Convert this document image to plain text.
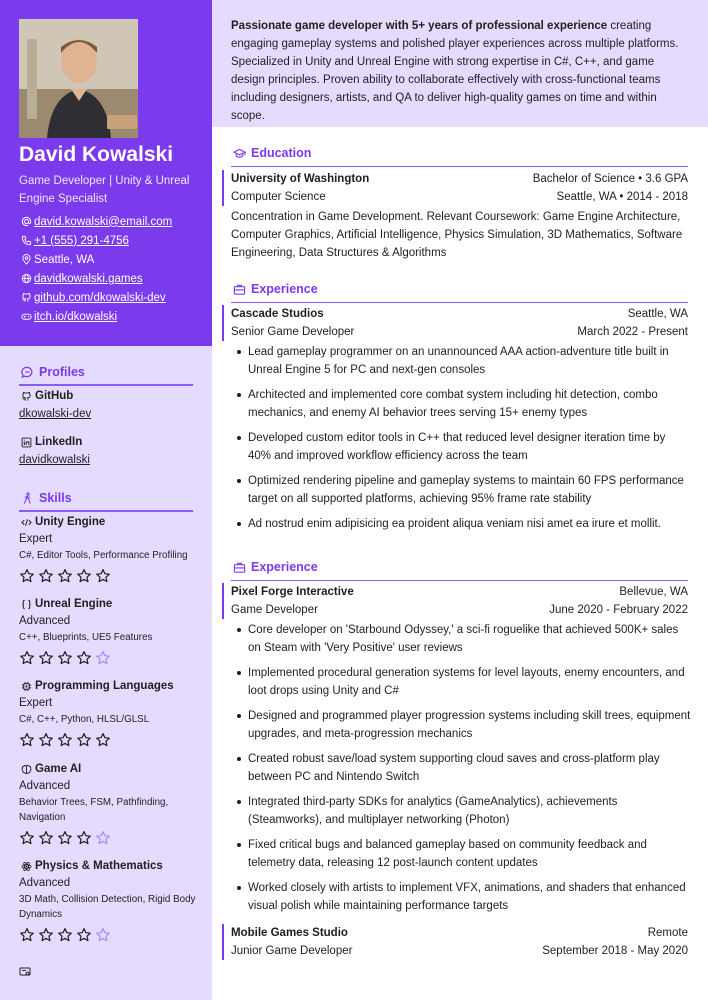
David Kowalski
Game Developer | Unity & Unreal Engine Specialist
david.kowalski@email.com
+1 (555) 291-4756
Seattle, WA
davidkowalski.games
github.com/dkowalski-dev
itch.io/dkowalski
Profiles
GitHub
dkowalski-dev
LinkedIn
davidkowalski
Skills
Unity Engine
Expert
C#, Editor Tools, Performance Profiling
Unreal Engine
Advanced
C++, Blueprints, UE5 Features
Programming Languages
Expert
C#, C++, Python, HLSL/GLSL
Game AI
Advanced
Behavior Trees, FSM, Pathfinding, Navigation
Physics & Mathematics
Advanced
3D Math, Collision Detection, Rigid Body Dynamics
Passionate game developer with 5+ years of professional experience creating engaging gameplay systems and polished player experiences across multiple platforms. Specialized in Unity and Unreal Engine with strong expertise in C#, C++, and game design principles. Proven ability to collaborate effectively with cross-functional teams including designers, artists, and QA to deliver high-quality games on time and within scope.
Education
University of Washington	Bachelor of Science • 3.6 GPA
Computer Science	Seattle, WA • 2014 - 2018
Concentration in Game Development. Relevant Coursework: Game Engine Architecture, Computer Graphics, Artificial Intelligence, Physics Simulation, 3D Mathematics, Software Engineering, Data Structures & Algorithms
Experience
Cascade Studios	Seattle, WA
Senior Game Developer	March 2022 - Present
Lead gameplay programmer on an unannounced AAA action-adventure title built in Unreal Engine 5 for PC and next-gen consoles
Architected and implemented core combat system including hit detection, combo mechanics, and enemy AI behavior trees serving 15+ enemy types
Developed custom editor tools in C++ that reduced level designer iteration time by 40% and improved workflow efficiency across the team
Optimized rendering pipeline and gameplay systems to maintain 60 FPS performance target on all supported platforms, achieving 95% frame rate stability
Ad nostrud enim adipisicing ea proident aliqua veniam nisi amet ea irure et mollit.
Experience
Pixel Forge Interactive	Bellevue, WA
Game Developer	June 2020 - February 2022
Core developer on 'Starbound Odyssey,' a sci-fi roguelike that achieved 500K+ sales on Steam with 'Very Positive' user reviews
Implemented procedural generation systems for level layouts, enemy encounters, and loot drops using Unity and C#
Designed and programmed player progression systems including skill trees, equipment upgrades, and meta-progression mechanics
Created robust save/load system supporting cloud saves and cross-platform play between PC and Nintendo Switch
Integrated third-party SDKs for analytics (GameAnalytics), achievements (Steamworks), and multiplayer networking (Photon)
Fixed critical bugs and balanced gameplay based on community feedback and telemetry data, releasing 12 post-launch content updates
Worked closely with artists to implement VFX, animations, and shaders that enhanced visual polish while maintaining performance targets
Mobile Games Studio	Remote
Junior Game Developer	September 2018 - May 2020
